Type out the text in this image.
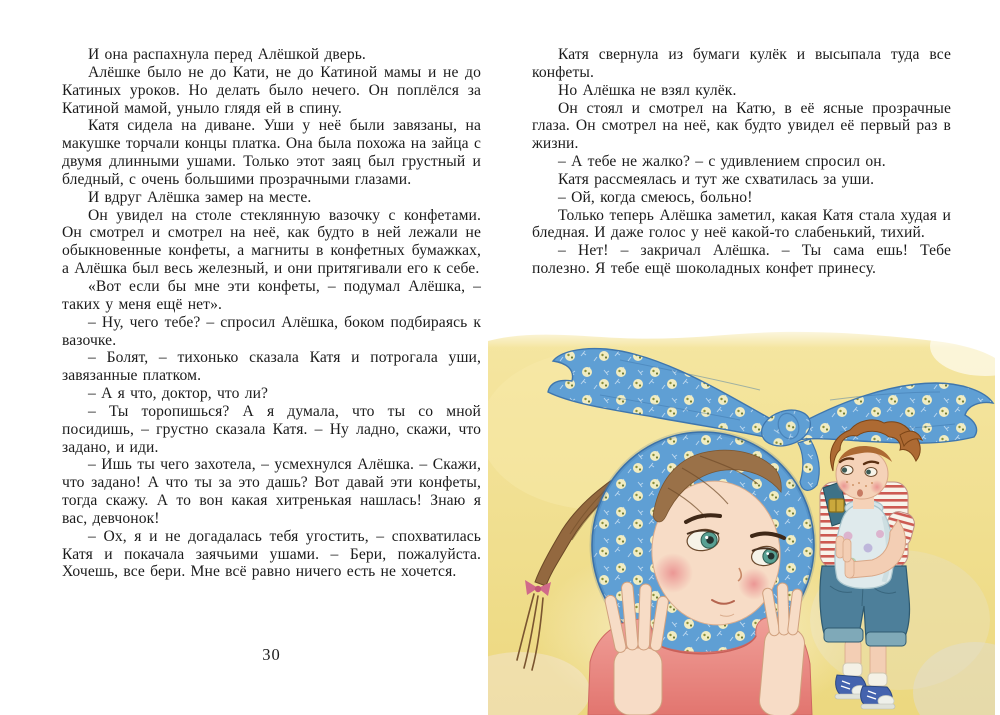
И она распахнула перед Алёшкой дверь.

Алёшке было не до Кати, не до Катиной мамы и не до Катиных уроков. Но делать было нечего. Он поплёлся за Катиной мамой, уныло глядя ей в спину.

Катя сидела на диване. Уши у неё были завязаны, на макушке торчали концы платка. Она была похожа на зайца с двумя длинными ушами. Только этот заяц был грустный и бледный, с очень большими прозрачными глазами.

И вдруг Алёшка замер на месте.

Он увидел на столе стеклянную вазочку с конфетами. Он смотрел и смотрел на неё, как будто в ней лежали не обыкновенные конфеты, а магниты в конфетных бумажках, а Алёшка был весь железный, и они притягивали его к себе.

«Вот если бы мне эти конфеты, – подумал Алёшка, – таких у меня ещё нет».

– Ну, чего тебе? – спросил Алёшка, боком подбираясь к вазочке.

– Болят, – тихонько сказала Катя и потрогала уши, завязанные платком.

– А я что, доктор, что ли?

– Ты торопишься? А я думала, что ты со мной посидишь, – грустно сказала Катя. – Ну ладно, скажи, что задано, и иди.

– Ишь ты чего захотела, – усмехнулся Алёшка. – Скажи, что задано! А что ты за это дашь? Вот давай эти конфеты, тогда скажу. А то вон какая хитренькая нашлась! Знаю я вас, девчонок!

– Ох, я и не догадалась тебя угостить, – спохватилась Катя и покачала заячьими ушами. – Бери, пожалуйста. Хочешь, все бери. Мне всё равно ничего есть не хочется.

30

Катя свернула из бумаги кулёк и высыпала туда все конфеты.

Но Алёшка не взял кулёк.

Он стоял и смотрел на Катю, в её ясные прозрачные глаза. Он смотрел на неё, как будто увидел её первый раз в жизни.

– А тебе не жалко? – с удивлением спросил он.

Катя рассмеялась и тут же схватилась за уши.

– Ой, когда смеюсь, больно!

Только теперь Алёшка заметил, какая Катя стала худая и бледная. И даже голос у неё какой-то слабенький, тихий.

– Нет! – закричал Алёшка. – Ты сама ешь! Тебе полезно. Я тебе ещё шоколадных конфет принесу.
